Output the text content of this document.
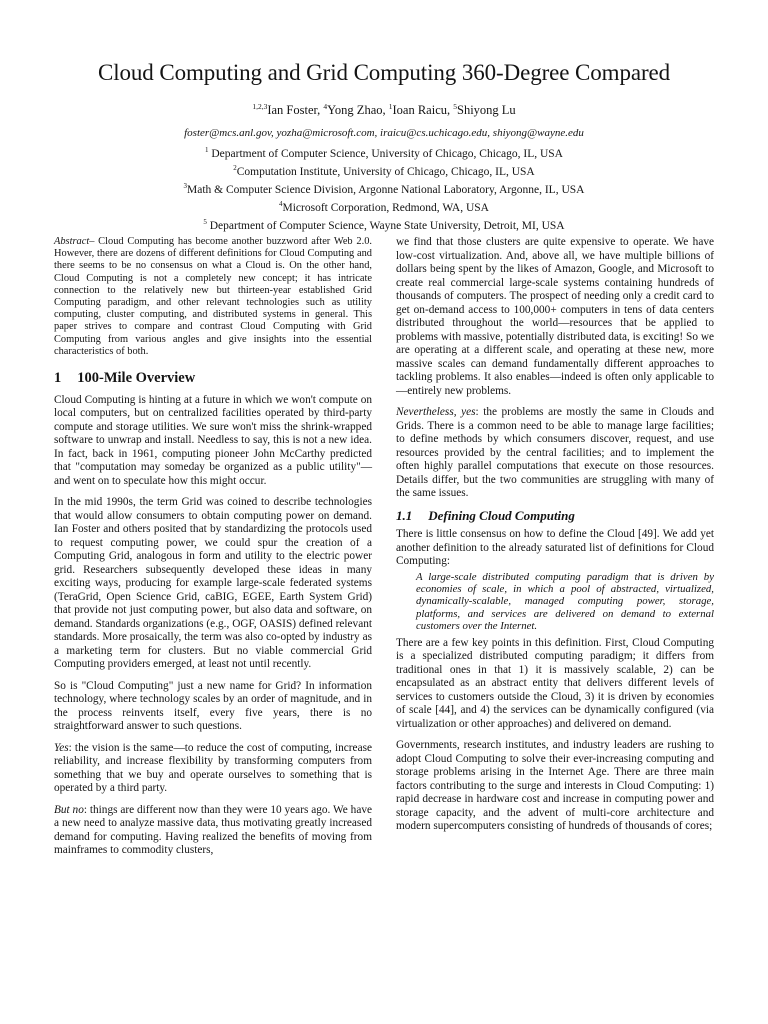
Cloud Computing and Grid Computing 360-Degree Compared
$^{1,2,3}$Ian Foster, $^4$Yong Zhao, $^1$Ioan Raicu, $^5$Shiyong Lu
foster@mcs.anl.gov, yozha@microsoft.com, iraicu@cs.uchicago.edu, shiyong@wayne.edu
$^1$ Department of Computer Science, University of Chicago, Chicago, IL, USA
$^2$Computation Institute, University of Chicago, Chicago, IL, USA
$^3$Math & Computer Science Division, Argonne National Laboratory, Argonne, IL, USA
$^4$Microsoft Corporation, Redmond, WA, USA
$^5$ Department of Computer Science, Wayne State University, Detroit, MI, USA

Abstract– Cloud Computing has become another buzzword after Web 2.0. However, there are dozens of different definitions for Cloud Computing and there seems to be no consensus on what a Cloud is. On the other hand, Cloud Computing is not a completely new concept; it has intricate connection to the relatively new but thirteen-year established Grid Computing paradigm, and other relevant technologies such as utility computing, cluster computing, and distributed systems in general. This paper strives to compare and contrast Cloud Computing with Grid Computing from various angles and give insights into the essential characteristics of both.

1 100-Mile Overview

Cloud Computing is hinting at a future in which we won't compute on local computers, but on centralized facilities operated by third-party compute and storage utilities. We sure won't miss the shrink-wrapped software to unwrap and install. Needless to say, this is not a new idea. In fact, back in 1961, computing pioneer John McCarthy predicted that "computation may someday be organized as a public utility"—and went on to speculate how this might occur.

In the mid 1990s, the term Grid was coined to describe technologies that would allow consumers to obtain computing power on demand. Ian Foster and others posited that by standardizing the protocols used to request computing power, we could spur the creation of a Computing Grid, analogous in form and utility to the electric power grid. Researchers subsequently developed these ideas in many exciting ways, producing for example large-scale federated systems (TeraGrid, Open Science Grid, caBIG, EGEE, Earth System Grid) that provide not just computing power, but also data and software, on demand. Standards organizations (e.g., OGF, OASIS) defined relevant standards. More prosaically, the term was also co-opted by industry as a marketing term for clusters. But no viable commercial Grid Computing providers emerged, at least not until recently.

So is "Cloud Computing" just a new name for Grid? In information technology, where technology scales by an order of magnitude, and in the process reinvents itself, every five years, there is no straightforward answer to such questions.

Yes: the vision is the same—to reduce the cost of computing, increase reliability, and increase flexibility by transforming computers from something that we buy and operate ourselves to something that is operated by a third party.

But no: things are different now than they were 10 years ago. We have a new need to analyze massive data, thus motivating greatly increased demand for computing. Having realized the benefits of moving from mainframes to commodity clusters,

we find that those clusters are quite expensive to operate. We have low-cost virtualization. And, above all, we have multiple billions of dollars being spent by the likes of Amazon, Google, and Microsoft to create real commercial large-scale systems containing hundreds of thousands of computers. The prospect of needing only a credit card to get on-demand access to 100,000+ computers in tens of data centers distributed throughout the world—resources that be applied to problems with massive, potentially distributed data, is exciting! So we are operating at a different scale, and operating at these new, more massive scales can demand fundamentally different approaches to tackling problems. It also enables—indeed is often only applicable to—entirely new problems.

Nevertheless, yes: the problems are mostly the same in Clouds and Grids. There is a common need to be able to manage large facilities; to define methods by which consumers discover, request, and use resources provided by the central facilities; and to implement the often highly parallel computations that execute on those resources. Details differ, but the two communities are struggling with many of the same issues.

1.1 Defining Cloud Computing

There is little consensus on how to define the Cloud [49]. We add yet another definition to the already saturated list of definitions for Cloud Computing:

A large-scale distributed computing paradigm that is driven by economies of scale, in which a pool of abstracted, virtualized, dynamically-scalable, managed computing power, storage, platforms, and services are delivered on demand to external customers over the Internet.

There are a few key points in this definition. First, Cloud Computing is a specialized distributed computing paradigm; it differs from traditional ones in that 1) it is massively scalable, 2) can be encapsulated as an abstract entity that delivers different levels of services to customers outside the Cloud, 3) it is driven by economies of scale [44], and 4) the services can be dynamically configured (via virtualization or other approaches) and delivered on demand.

Governments, research institutes, and industry leaders are rushing to adopt Cloud Computing to solve their ever-increasing computing and storage problems arising in the Internet Age. There are three main factors contributing to the surge and interests in Cloud Computing: 1) rapid decrease in hardware cost and increase in computing power and storage capacity, and the advent of multi-core architecture and modern supercomputers consisting of hundreds of thousands of cores;
